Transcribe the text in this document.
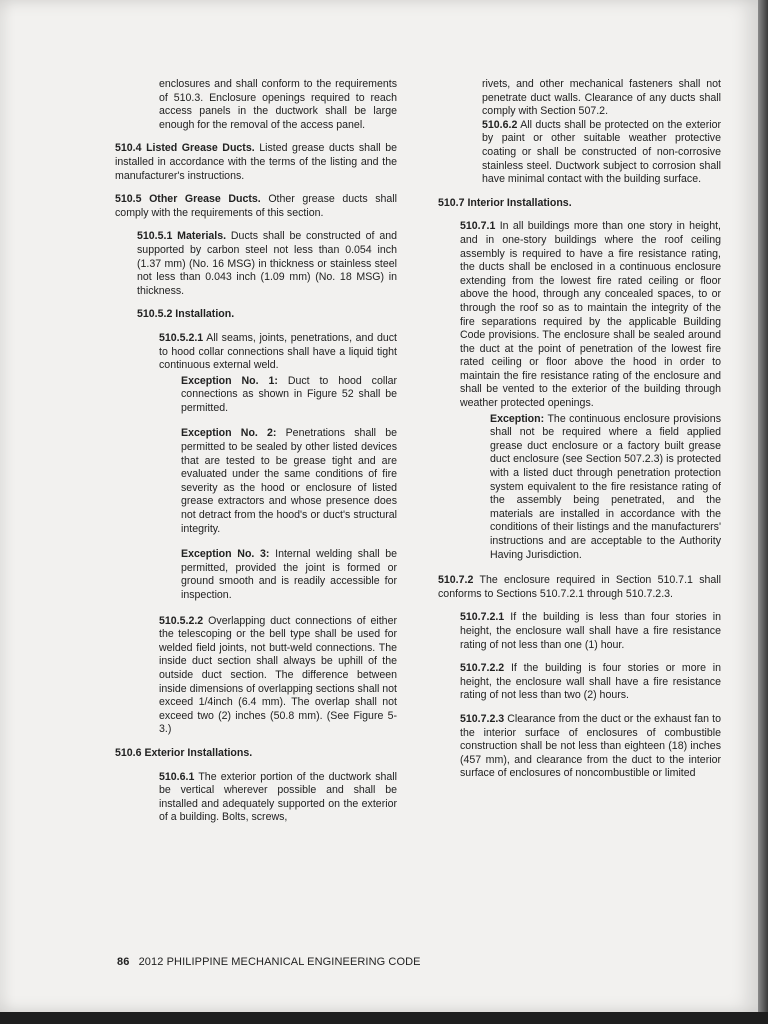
enclosures and shall conform to the requirements of 510.3. Enclosure openings required to reach access panels in the ductwork shall be large enough for the removal of the access panel.

510.4 Listed Grease Ducts. Listed grease ducts shall be installed in accordance with the terms of the listing and the manufacturer's instructions.

510.5 Other Grease Ducts. Other grease ducts shall comply with the requirements of this section.

510.5.1 Materials. Ducts shall be constructed of and supported by carbon steel not less than 0.054 inch (1.37 mm) (No. 16 MSG) in thickness or stainless steel not less than 0.043 inch (1.09 mm) (No. 18 MSG) in thickness.

510.5.2 Installation.

510.5.2.1 All seams, joints, penetrations, and duct to hood collar connections shall have a liquid tight continuous external weld.

Exception No. 1: Duct to hood collar connections as shown in Figure 52 shall be permitted.
Exception No. 2: Penetrations shall be permitted to be sealed by other listed devices that are tested to be grease tight and are evaluated under the same conditions of fire severity as the hood or enclosure of listed grease extractors and whose presence does not detract from the hood's or duct's structural integrity.
Exception No. 3: Internal welding shall be permitted, provided the joint is formed or ground smooth and is readily accessible for inspection.

510.5.2.2 Overlapping duct connections of either the telescoping or the bell type shall be used for welded field joints, not butt-weld connections. The inside duct section shall always be uphill of the outside duct section. The difference between inside dimensions of overlapping sections shall not exceed 1/4inch (6.4 mm). The overlap shall not exceed two (2) inches (50.8 mm). (See Figure 5-3.)

510.6 Exterior Installations.

510.6.1 The exterior portion of the ductwork shall be vertical wherever possible and shall be installed and adequately supported on the exterior of a building. Bolts, screws,

rivets, and other mechanical fasteners shall not penetrate duct walls. Clearance of any ducts shall comply with Section 507.2.

510.6.2 All ducts shall be protected on the exterior by paint or other suitable weather protective coating or shall be constructed of non-corrosive stainless steel. Ductwork subject to corrosion shall have minimal contact with the building surface.

510.7 Interior Installations.

510.7.1 In all buildings more than one story in height, and in one-story buildings where the roof ceiling assembly is required to have a fire resistance rating, the ducts shall be enclosed in a continuous enclosure extending from the lowest fire rated ceiling or floor above the hood, through any concealed spaces, to or through the roof so as to maintain the integrity of the fire separations required by the applicable Building Code provisions. The enclosure shall be sealed around the duct at the point of penetration of the lowest fire rated ceiling or floor above the hood in order to maintain the fire resistance rating of the enclosure and shall be vented to the exterior of the building through weather protected openings.

Exception: The continuous enclosure provisions shall not be required where a field applied grease duct enclosure or a factory built grease duct enclosure (see Section 507.2.3) is protected with a listed duct through penetration protection system equivalent to the fire resistance rating of the assembly being penetrated, and the materials are installed in accordance with the conditions of their listings and the manufacturers' instructions and are acceptable to the Authority Having Jurisdiction.

510.7.2 The enclosure required in Section 510.7.1 shall conforms to Sections 510.7.2.1 through 510.7.2.3.

510.7.2.1 If the building is less than four stories in height, the enclosure wall shall have a fire resistance rating of not less than one (1) hour.

510.7.2.2 If the building is four stories or more in height, the enclosure wall shall have a fire resistance rating of not less than two (2) hours.

510.7.2.3 Clearance from the duct or the exhaust fan to the interior surface of enclosures of combustible construction shall be not less than eighteen (18) inches (457 mm), and clearance from the duct to the interior surface of enclosures of noncombustible or limited

86 2012 PHILIPPINE MECHANICAL ENGINEERING CODE
